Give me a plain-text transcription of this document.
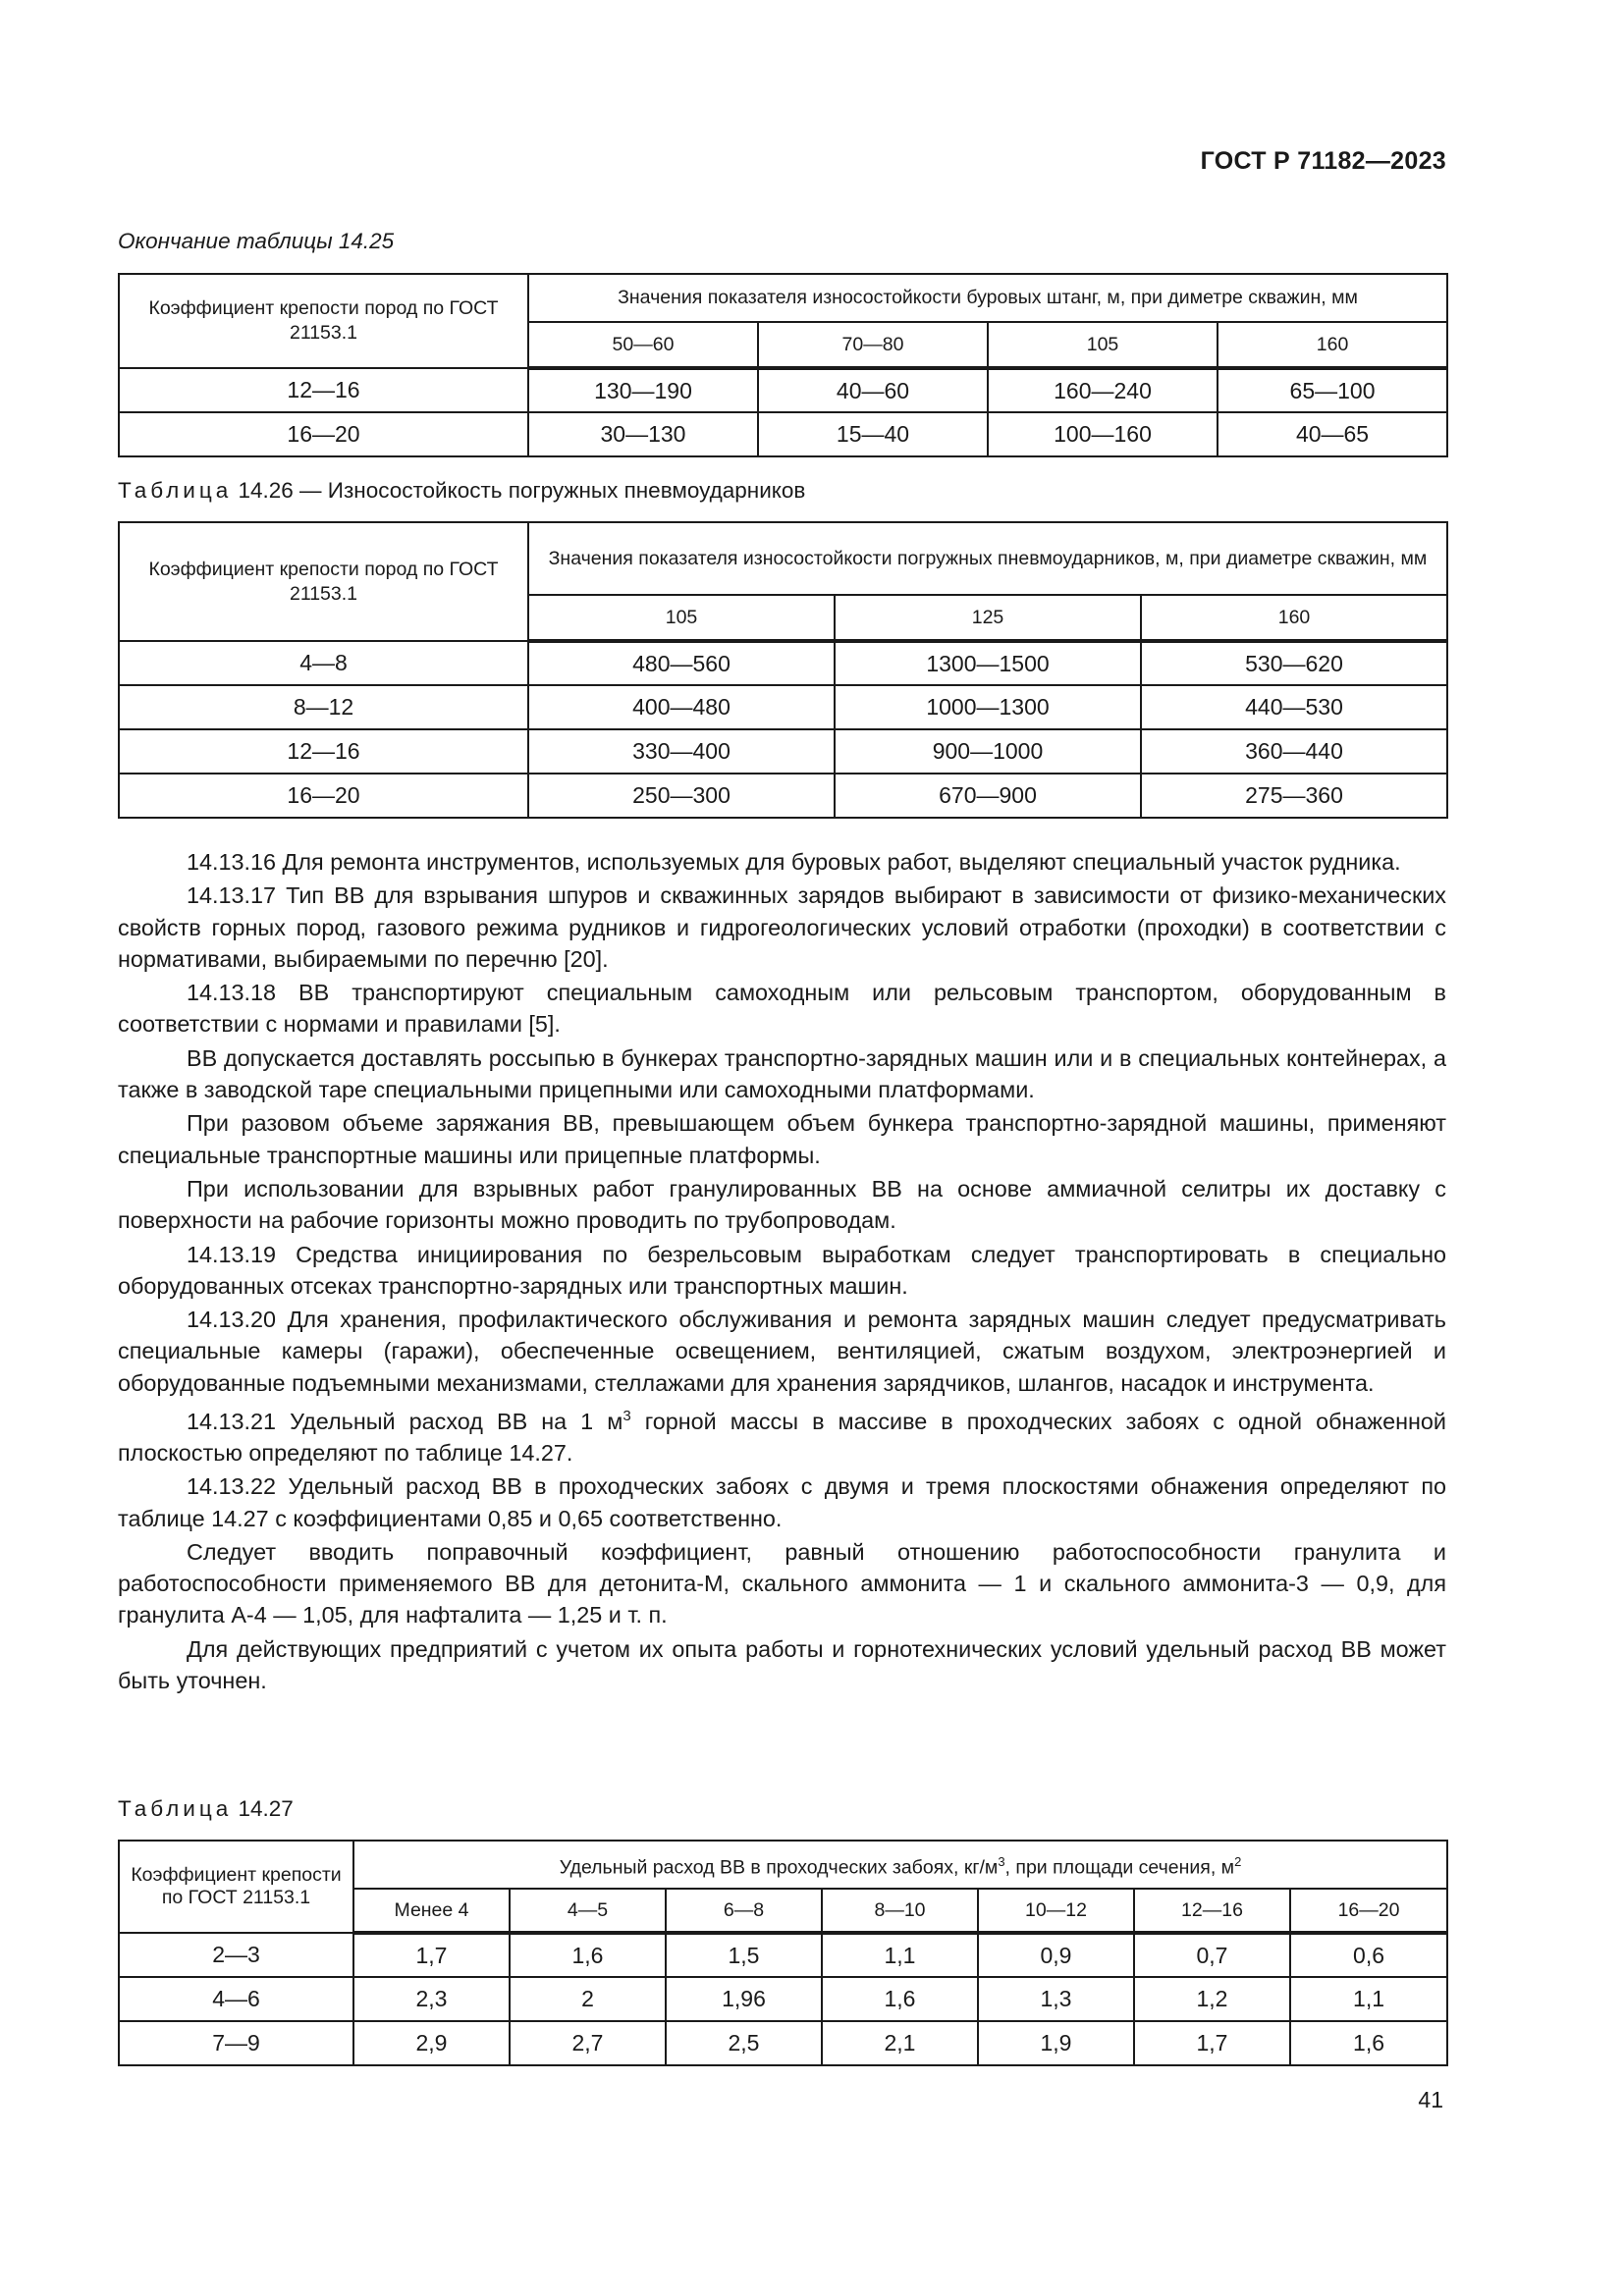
ГОСТ Р 71182—2023
Окончание таблицы 14.25
Коэффициент крепости пород по ГОСТ 21153.1	Значения показателя износостойкости буровых штанг, м, при диметре скважин, мм			
	50—60	70—80	105	160
12—16	130—190	40—60	160—240	65—100
16—20	30—130	15—40	100—160	40—65
Таблица 14.26 — Износостойкость погружных пневмоударников
Коэффициент крепости пород по ГОСТ 21153.1	Значения показателя износостойкости погружных пневмоударников, м, при диаметре скважин, мм		
	105	125	160
4—8	480—560	1300—1500	530—620
8—12	400—480	1000—1300	440—530
12—16	330—400	900—1000	360—440
16—20	250—300	670—900	275—360

14.13.16 Для ремонта инструментов, используемых для буровых работ, выделяют специальный участок рудника.

14.13.17 Тип ВВ для взрывания шпуров и скважинных зарядов выбирают в зависимости от физико-механических свойств горных пород, газового режима рудников и гидрогеологических условий отработки (проходки) в соответствии с нормативами, выбираемыми по перечню [20].

14.13.18 ВВ транспортируют специальным самоходным или рельсовым транспортом, оборудованным в соответствии с нормами и правилами [5].

ВВ допускается доставлять россыпью в бункерах транспортно-зарядных машин или и в специальных контейнерах, а также в заводской таре специальными прицепными или самоходными платформами.

При разовом объеме заряжания ВВ, превышающем объем бункера транспортно-зарядной машины, применяют специальные транспортные машины или прицепные платформы.

При использовании для взрывных работ гранулированных ВВ на основе аммиачной селитры их доставку с поверхности на рабочие горизонты можно проводить по трубопроводам.

14.13.19 Средства инициирования по безрельсовым выработкам следует транспортировать в специально оборудованных отсеках транспортно-зарядных или транспортных машин.

14.13.20 Для хранения, профилактического обслуживания и ремонта зарядных машин следует предусматривать специальные камеры (гаражи), обеспеченные освещением, вентиляцией, сжатым воздухом, электроэнергией и оборудованные подъемными механизмами, стеллажами для хранения зарядчиков, шлангов, насадок и инструмента.

14.13.21 Удельный расход ВВ на 1 $м^3$ горной массы в массиве в проходческих забоях с одной обнаженной плоскостью определяют по таблице 14.27.

14.13.22 Удельный расход ВВ в проходческих забоях с двумя и тремя плоскостями обнажения определяют по таблице 14.27 с коэффициентами 0,85 и 0,65 соответственно.

Следует вводить поправочный коэффициент, равный отношению работоспособности гранулита и работоспособности применяемого ВВ для детонита-М, скального аммонита — 1 и скального аммонита-3 — 0,9, для гранулита А-4 — 1,05, для нафталита — 1,25 и т. п.

Для действующих предприятий с учетом их опыта работы и горнотехнических условий удельный расход ВВ может быть уточнен.

Таблица 14.27
Коэффициент крепости по ГОСТ 21153.1	Удельный расход ВВ в проходческих забоях, $кг/м^3$, при площади сечения, $м^2$
	Менее 4	4—5	6—8	8—10	10—12	12—16	16—20
2—3	1,7	1,6	1,5	1,1	0,9	0,7	0,6
4—6	2,3	2	1,96	1,6	1,3	1,2	1,1
7—9	2,9	2,7	2,5	2,1	1,9	1,7	1,6
41
